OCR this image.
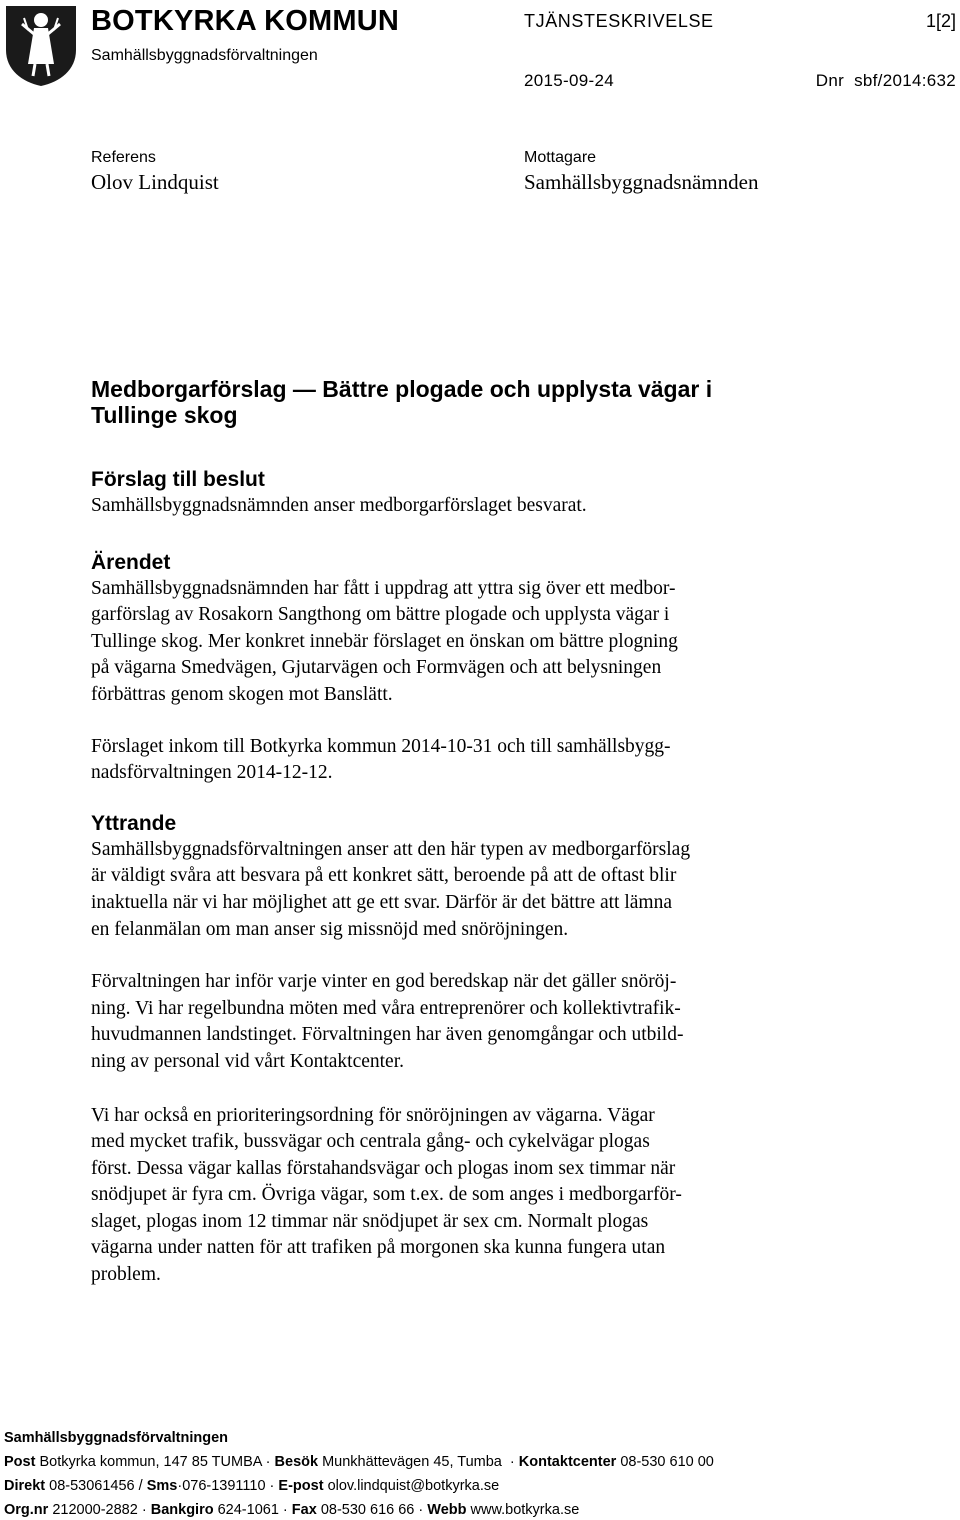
BOTKYRKA KOMMUN
Samhällsbyggnadsförvaltningen
TJÄNSTESKRIVELSE	1[2]
2015-09-24	Dnr  sbf/2014:632
Referens
Olov Lindquist
Mottagare
Samhällsbyggnadsnämnden
Medborgarförslag — Bättre plogade och upplysta vägar i
Tullinge skog
Förslag till beslut

Samhällsbyggnadsnämnden anser medborgarförslaget besvarat.

Ärendet

Samhällsbyggnadsnämnden har fått i uppdrag att yttra sig över ett medbor-
garförslag av Rosakorn Sangthong om bättre plogade och upplysta vägar i
Tullinge skog. Mer konkret innebär förslaget en önskan om bättre plogning
på vägarna Smedvägen, Gjutarvägen och Formvägen och att belysningen
förbättras genom skogen mot Banslätt.

Förslaget inkom till Botkyrka kommun 2014-10-31 och till samhällsbygg-
nadsförvaltningen 2014-12-12.

Yttrande

Samhällsbyggnadsförvaltningen anser att den här typen av medborgarförslag
är väldigt svåra att besvara på ett konkret sätt, beroende på att de oftast blir
inaktuella när vi har möjlighet att ge ett svar. Därför är det bättre att lämna
en felanmälan om man anser sig missnöjd med snöröjningen.

Förvaltningen har inför varje vinter en god beredskap när det gäller snöröj-
ning. Vi har regelbundna möten med våra entreprenörer och kollektivtrafik-
huvudmannen landstinget. Förvaltningen har även genomgångar och utbild-
ning av personal vid vårt Kontaktcenter.

Vi har också en prioriteringsordning för snöröjningen av vägarna. Vägar
med mycket trafik, bussvägar och centrala gång- och cykelvägar plogas
först. Dessa vägar kallas förstahandsvägar och plogas inom sex timmar när
snödjupet är fyra cm. Övriga vägar, som t.ex. de som anges i medborgarför-
slaget, plogas inom 12 timmar när snödjupet är sex cm. Normalt plogas
vägarna under natten för att trafiken på morgonen ska kunna fungera utan
problem.

Samhällsbyggnadsförvaltningen
Post Botkyrka kommun, 147 85 TUMBA · Besök Munkhättevägen 45, Tumba · Kontaktcenter 08-530 610 00
Direkt 08-53061456 / Sms·076-1391110 · E-post olov.lindquist@botkyrka.se
Org.nr 212000-2882 · Bankgiro 624-1061 · Fax 08-530 616 66 · Webb www.botkyrka.se
